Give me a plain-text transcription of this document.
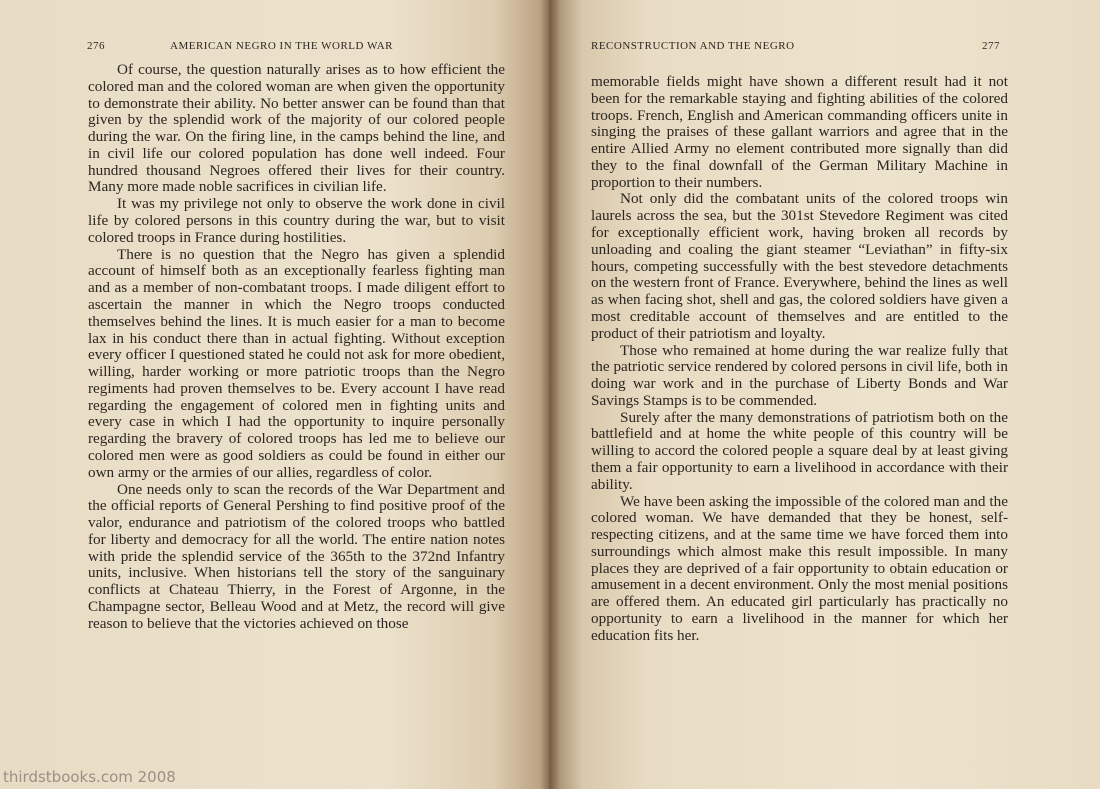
276	AMERICAN NEGRO IN THE WORLD WAR

Of course, the question naturally arises as to how efficient the colored man and the colored woman are when given the opportunity to demonstrate their ability. No better answer can be found than that given by the splendid work of the majority of our colored people during the war. On the firing line, in the camps behind the line, and in civil life our colored population has done well indeed. Four hundred thousand Negroes offered their lives for their country. Many more made noble sacrifices in civilian life.

It was my privilege not only to observe the work done in civil life by colored persons in this country during the war, but to visit colored troops in France during hostilities.

There is no question that the Negro has given a splendid account of himself both as an exceptionally fearless fighting man and as a member of non-combatant troops. I made diligent effort to ascertain the manner in which the Negro troops conducted themselves behind the lines. It is much easier for a man to become lax in his conduct there than in actual fighting. Without exception every officer I questioned stated he could not ask for more obedient, willing, harder working or more patriotic troops than the Negro regiments had proven themselves to be. Every account I have read regarding the engagement of colored men in fighting units and every case in which I had the opportunity to inquire personally regarding the bravery of colored troops has led me to believe our colored men were as good soldiers as could be found in either our own army or the armies of our allies, regardless of color.

One needs only to scan the records of the War Department and the official reports of General Pershing to find positive proof of the valor, endurance and patriotism of the colored troops who battled for liberty and democracy for all the world. The entire nation notes with pride the splendid service of the 365th to the 372nd Infantry units, inclusive. When historians tell the story of the sanguinary conflicts at Chateau Thierry, in the Forest of Argonne, in the Champagne sector, Belleau Wood and at Metz, the record will give reason to believe that the victories achieved on those

RECONSTRUCTION AND THE NEGRO	277

memorable fields might have shown a different result had it not been for the remarkable staying and fighting abilities of the colored troops. French, English and American commanding officers unite in singing the praises of these gallant warriors and agree that in the entire Allied Army no element contributed more signally than did they to the final downfall of the German Military Machine in proportion to their numbers.

Not only did the combatant units of the colored troops win laurels across the sea, but the 301st Stevedore Regiment was cited for exceptionally efficient work, having broken all records by unloading and coaling the giant steamer “Leviathan” in fifty-six hours, competing successfully with the best stevedore detachments on the western front of France. Everywhere, behind the lines as well as when facing shot, shell and gas, the colored soldiers have given a most creditable account of themselves and are entitled to the product of their patriotism and loyalty.

Those who remained at home during the war realize fully that the patriotic service rendered by colored persons in civil life, both in doing war work and in the purchase of Liberty Bonds and War Savings Stamps is to be commended.

Surely after the many demonstrations of patriotism both on the battlefield and at home the white people of this country will be willing to accord the colored people a square deal by at least giving them a fair opportunity to earn a livelihood in accordance with their ability.

We have been asking the impossible of the colored man and the colored woman. We have demanded that they be honest, self-respecting citizens, and at the same time we have forced them into surroundings which almost make this result impossible. In many places they are deprived of a fair opportunity to obtain education or amusement in a decent environment. Only the most menial positions are offered them. An educated girl particularly has practically no opportunity to earn a livelihood in the manner for which her education fits her.

thirdstbooks.com 2008
